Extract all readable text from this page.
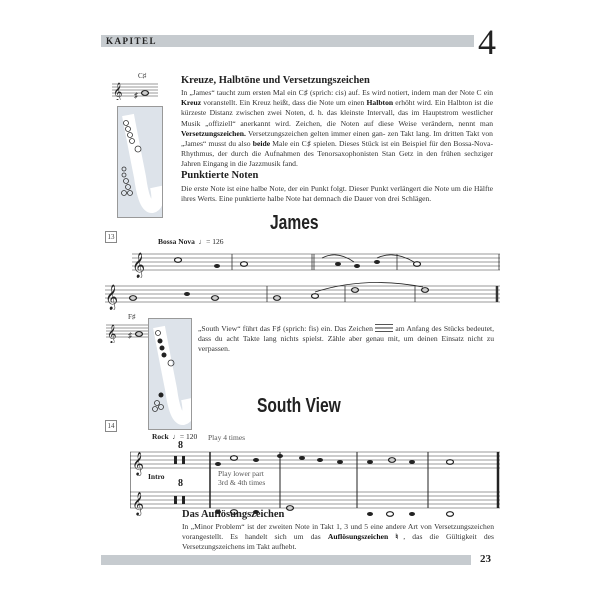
KAPITEL	4
𝄞 ♯
C♯	Kreuze, Halbtöne und Versetzungszeichen
In „James“ taucht zum ersten Mal ein C♯ (sprich: cis) auf. Es wird notiert, indem man der Note C ein Kreuz voranstellt. Ein Kreuz heißt, dass die Note um einen Halbton erhöht wird. Ein Halbton ist die kürzeste Distanz zwischen zwei Noten, d. h. das kleinste Intervall, das im Hauptstrom westlicher Musik „offiziell“ anerkannt wird. Zeichen, die Noten auf diese Weise verändern, nennt man Versetzungszeichen. Versetzungszeichen gelten immer einen gan- zen Takt lang. Im dritten Takt von „James“ musst du also beide Male ein C♯ spielen. Dieses Stück ist ein Beispiel für den Bossa-Nova-Rhythmus, der durch die Aufnahmen des Tenorsaxophonisten Stan Getz in den frühen sechziger Jahren Eingang in die Jazzmusik fand.
Punktierte Noten
Die erste Note ist eine halbe Note, der ein Punkt folgt. Dieser Punkt verlängert die Note um die Hälfte ihres Werts. Eine punktierte halbe Note hat demnach die Dauer von drei Schlägen.
James
13	Bossa Nova ♩= 126
𝄞
𝄞
𝄞 ♯
F♯
„South View“ führt das F♯ (sprich: fis) ein. Das Zeichen	am Anfang des Stücks bedeutet, dass du acht Takte lang nichts spielst. Zähle aber genau mit, um deinen Einsatz nicht zu verpassen.
South View
14
Rock ♩= 120 Play 4 times
8
𝄞
𝄞
Intro
8
Play lower part
3rd & 4th times
Das Auflösungszeichen
In „Minor Problem“ ist der zweiten Note in Takt 1, 3 und 5 eine andere Art von Versetzungszeichen vorangestellt. Es handelt sich um das Auflösungszeichen ♮, das die Gültigkeit des Versetzungszeichens im Takt aufhebt.
23
